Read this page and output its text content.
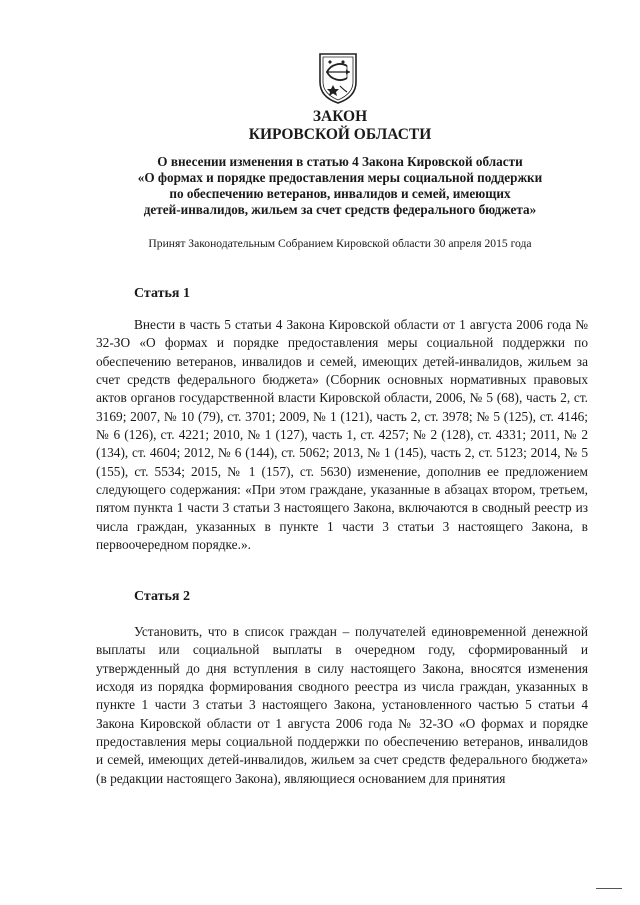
ЗАКОН
КИРОВСКОЙ ОБЛАСТИ
О внесении изменения в статью 4 Закона Кировской области
«О формах и порядке предоставления меры социальной поддержки
по обеспечению ветеранов, инвалидов и семей, имеющих
детей-инвалидов, жильем за счет средств федерального бюджета»
Принят Законодательным Собранием Кировской области 30 апреля 2015 года
Статья 1

Внести в часть 5 статьи 4 Закона Кировской области от 1 августа 2006 года № 32-ЗО «О формах и порядке предоставления меры социальной поддержки по обеспечению ветеранов, инвалидов и семей, имеющих детей-инвалидов, жильем за счет средств федерального бюджета» (Сборник основных нормативных правовых актов органов государственной власти Кировской области, 2006, № 5 (68), часть 2, ст. 3169; 2007, № 10 (79), ст. 3701; 2009, № 1 (121), часть 2, ст. 3978; № 5 (125), ст. 4146; № 6 (126), ст. 4221; 2010, № 1 (127), часть 1, ст. 4257; № 2 (128), ст. 4331; 2011, № 2 (134), ст. 4604; 2012, № 6 (144), ст. 5062; 2013, № 1 (145), часть 2, ст. 5123; 2014, № 5 (155), ст. 5534; 2015, № 1 (157), ст. 5630) изменение, дополнив ее предложением следующего содержания: «При этом граждане, указанные в абзацах втором, третьем, пятом пункта 1 части 3 статьи 3 настоящего Закона, включаются в сводный реестр из числа граждан, указанных в пункте 1 части 3 статьи 3 настоящего Закона, в первоочередном порядке.».

Статья 2

Установить, что в список граждан – получателей единовременной денежной выплаты или социальной выплаты в очередном году, сформированный и утвержденный до дня вступления в силу настоящего Закона, вносятся изменения исходя из порядка формирования сводного реестра из числа граждан, указанных в пункте 1 части 3 статьи 3 настоящего Закона, установленного частью 5 статьи 4 Закона Кировской области от 1 августа 2006 года № 32-ЗО «О формах и порядке предоставления меры социальной поддержки по обеспечению ветеранов, инвалидов и семей, имеющих детей-инвалидов, жильем за счет средств федерального бюджета» (в редакции настоящего Закона), являющиеся основанием для принятия
